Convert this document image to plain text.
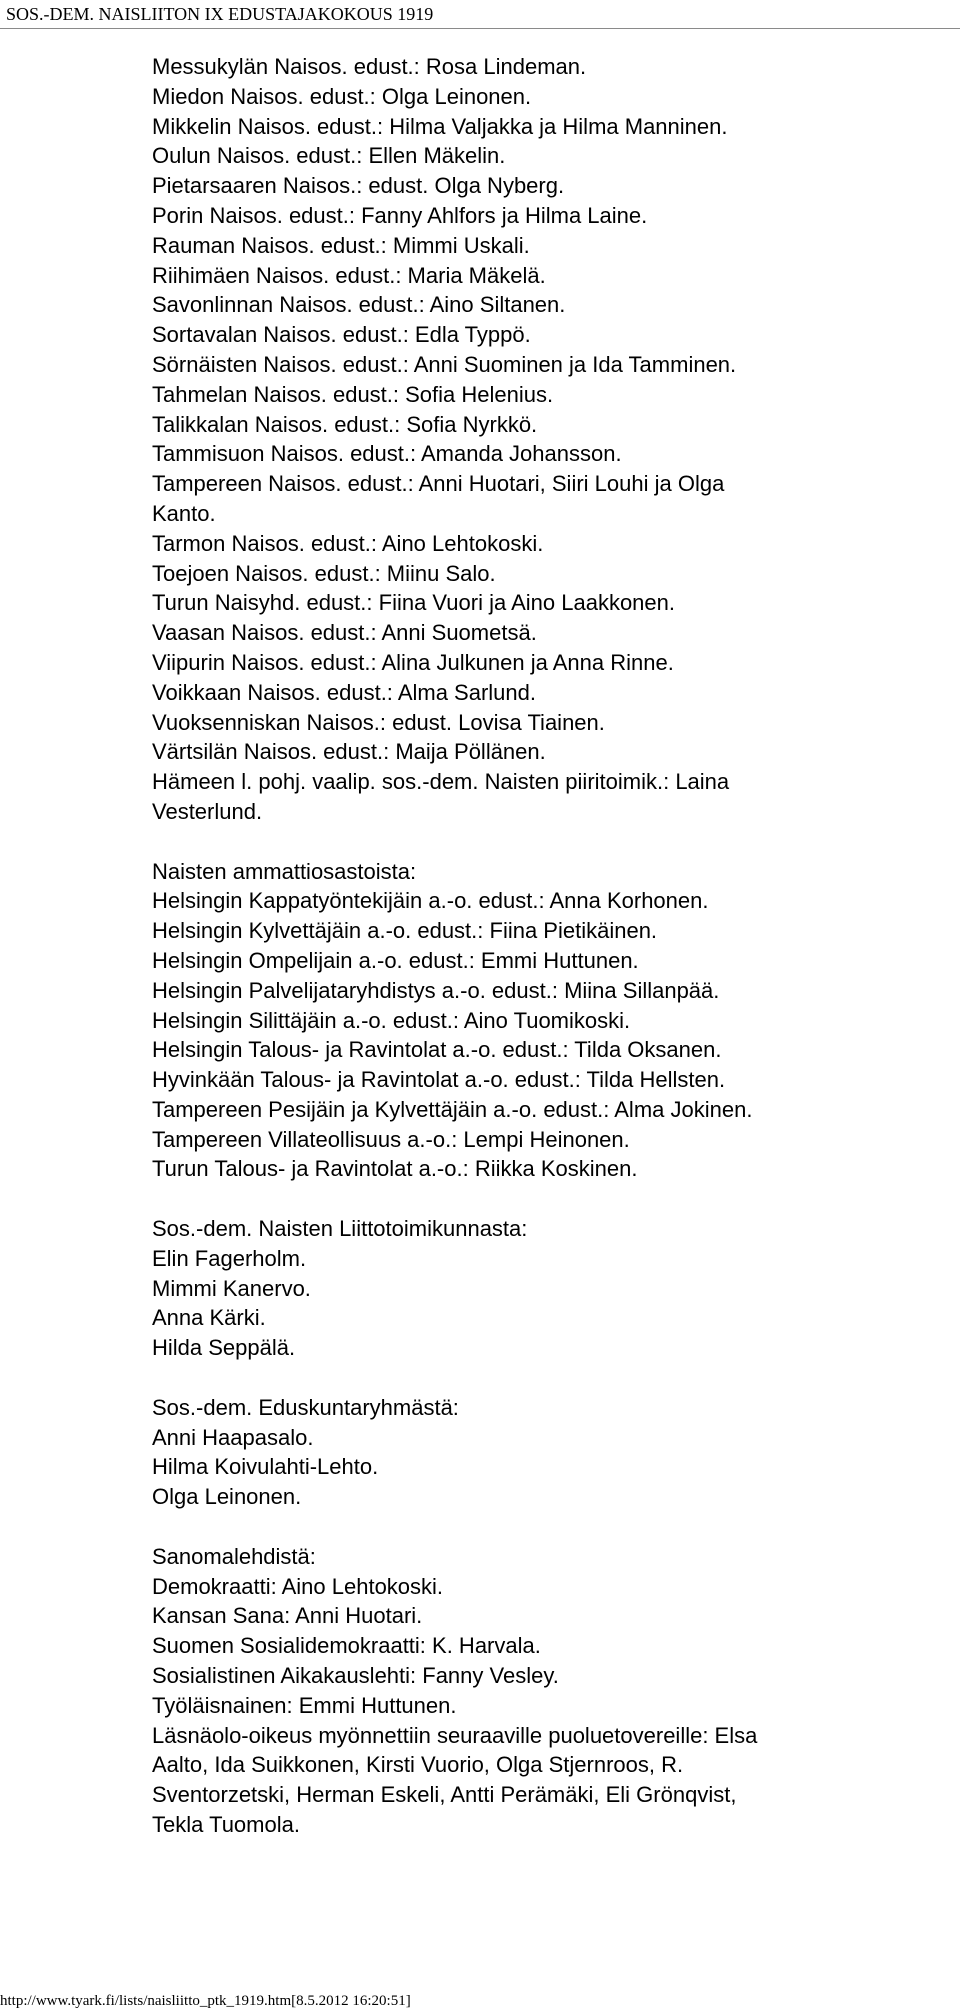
SOS.-DEM. NAISLIITON IX EDUSTAJAKOKOUS 1919

Messukylän Naisos. edust.: Rosa Lindeman.

Miedon Naisos. edust.: Olga Leinonen.

Mikkelin Naisos. edust.: Hilma Valjakka ja Hilma Manninen.

Oulun Naisos. edust.: Ellen Mäkelin.

Pietarsaaren Naisos.: edust. Olga Nyberg.

Porin Naisos. edust.: Fanny Ahlfors ja Hilma Laine.

Rauman Naisos. edust.: Mimmi Uskali.

Riihimäen Naisos. edust.: Maria Mäkelä.

Savonlinnan Naisos. edust.: Aino Siltanen.

Sortavalan Naisos. edust.: Edla Typpö.

Sörnäisten Naisos. edust.: Anni Suominen ja Ida Tamminen.

Tahmelan Naisos. edust.: Sofia Helenius.

Talikkalan Naisos. edust.: Sofia Nyrkkö.

Tammisuon Naisos. edust.: Amanda Johansson.

Tampereen Naisos. edust.: Anni Huotari, Siiri Louhi ja Olga

Kanto.

Tarmon Naisos. edust.: Aino Lehtokoski.

Toejoen Naisos. edust.: Miinu Salo.

Turun Naisyhd. edust.: Fiina Vuori ja Aino Laakkonen.

Vaasan Naisos. edust.: Anni Suometsä.

Viipurin Naisos. edust.: Alina Julkunen ja Anna Rinne.

Voikkaan Naisos. edust.: Alma Sarlund.

Vuoksenniskan Naisos.: edust. Lovisa Tiainen.

Värtsilän Naisos. edust.: Maija Pöllänen.

Hämeen l. pohj. vaalip. sos.-dem. Naisten piiritoimik.: Laina

Vesterlund.

Naisten ammattiosastoista:

Helsingin Kappatyöntekijäin a.-o. edust.: Anna Korhonen.

Helsingin Kylvettäjäin a.-o. edust.: Fiina Pietikäinen.

Helsingin Ompelijain a.-o. edust.: Emmi Huttunen.

Helsingin Palvelijataryhdistys a.-o. edust.: Miina Sillanpää.

Helsingin Silittäjäin a.-o. edust.: Aino Tuomikoski.

Helsingin Talous- ja Ravintolat a.-o. edust.: Tilda Oksanen.

Hyvinkään Talous- ja Ravintolat a.-o. edust.: Tilda Hellsten.

Tampereen Pesijäin ja Kylvettäjäin a.-o. edust.: Alma Jokinen.

Tampereen Villateollisuus a.-o.: Lempi Heinonen.

Turun Talous- ja Ravintolat a.-o.: Riikka Koskinen.

Sos.-dem. Naisten Liittotoimikunnasta:

Elin Fagerholm.

Mimmi Kanervo.

Anna Kärki.

Hilda Seppälä.

Sos.-dem. Eduskuntaryhmästä:

Anni Haapasalo.

Hilma Koivulahti-Lehto.

Olga Leinonen.

Sanomalehdistä:

Demokraatti: Aino Lehtokoski.

Kansan Sana: Anni Huotari.

Suomen Sosialidemokraatti: K. Harvala.

Sosialistinen Aikakauslehti: Fanny Vesley.

Työläisnainen: Emmi Huttunen.

Läsnäolo-oikeus myönnettiin seuraaville puoluetovereille: Elsa

Aalto, Ida Suikkonen, Kirsti Vuorio, Olga Stjernroos, R.

Sventorzetski, Herman Eskeli, Antti Perämäki, Eli Grönqvist,

Tekla Tuomola.

http://www.tyark.fi/lists/naisliitto_ptk_1919.htm[8.5.2012 16:20:51]
